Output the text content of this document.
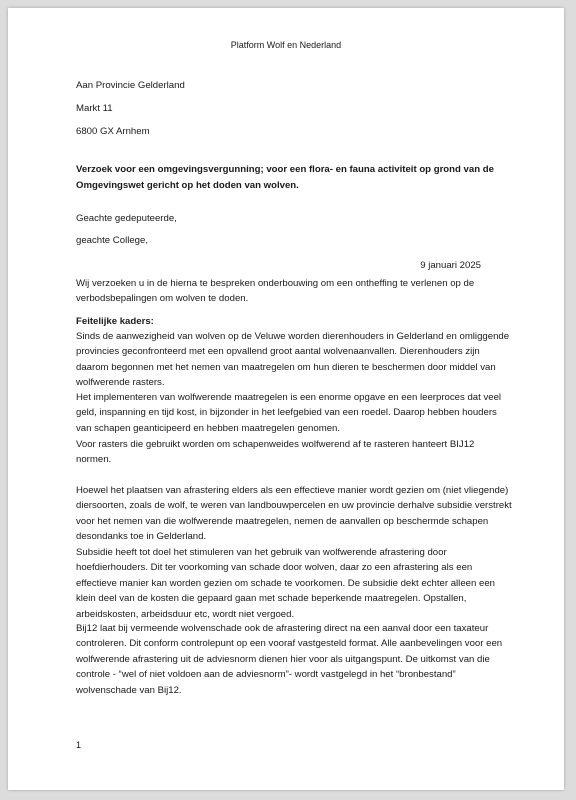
Platform Wolf en Nederland
Aan Provincie Gelderland
Markt 11
6800 GX Arnhem
Verzoek voor een omgevingsvergunning; voor een flora- en fauna activiteit op grond van de Omgevingswet gericht op het doden van wolven.
Geachte gedeputeerde,
geachte College,
9 januari 2025

Wij verzoeken u in de hierna te bespreken onderbouwing om een ontheffing te verlenen op de verbodsbepalingen om wolven te doden.

Feitelijke kaders:

Sinds de aanwezigheid van wolven op de Veluwe worden dierenhouders in Gelderland en omliggende provincies geconfronteerd met een opvallend groot aantal wolvenaanvallen. Dierenhouders zijn daarom begonnen met het nemen van maatregelen om hun dieren te beschermen door middel van wolfwerende rasters.

Het implementeren van wolfwerende maatregelen is een enorme opgave en een leerproces dat veel geld, inspanning en tijd kost, in bijzonder in het leefgebied van een roedel. Daarop hebben houders van schapen geanticipeerd en hebben maatregelen genomen.

Voor rasters die gebruikt worden om schapenweides wolfwerend af te rasteren hanteert BIJ12 normen.

Hoewel het plaatsen van afrastering elders als een effectieve manier wordt gezien om (niet vliegende) diersoorten, zoals de wolf, te weren van landbouwpercelen en uw provincie derhalve subsidie verstrekt voor het nemen van die wolfwerende maatregelen, nemen de aanvallen op beschermde schapen desondanks toe in Gelderland.

Subsidie heeft tot doel het stimuleren van het gebruik van wolfwerende afrastering door hoefdierhouders. Dit ter voorkoming van schade door wolven, daar zo een afrastering als een effectieve manier kan worden gezien om schade te voorkomen. De subsidie dekt echter alleen een klein deel van de kosten die gepaard gaan met schade beperkende maatregelen. Opstallen, arbeidskosten, arbeidsduur etc, wordt niet vergoed.

Bij12 laat bij vermeende wolvenschade ook de afrastering direct na een aanval door een taxateur controleren. Dit conform controlepunt op een vooraf vastgesteld format. Alle aanbevelingen voor een wolfwerende afrastering uit de adviesnorm dienen hier voor als uitgangspunt. De uitkomst van die controle - “wel of niet voldoen aan de adviesnorm”- wordt vastgelegd in het “bronbestand” wolvenschade van Bij12.

1
